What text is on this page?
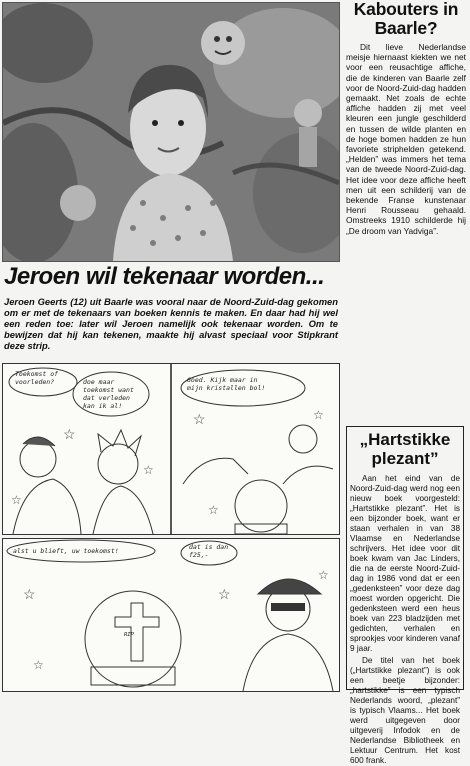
Jeroen wil tekenaar worden...

Jeroen Geerts (12) uit Baarle was vooral naar de Noord-Zuid-dag gekomen om er met de tekenaars van boeken kennis te maken. En daar had hij wel een reden toe: later wil Jeroen namelijk ook tekenaar worden. Om te bewijzen dat hij kan tekenen, maakte hij alvast speciaal voor Stipkrant deze strip.

☆
☆
☆
☆	☆
☆
Toekomst of
voorleden?	doe maar
toekomst want
dat verleden
kan ik al!
Goed. Kijk maar in
mijn kristallen bol!
☆	☆
☆
☆
alst u blieft, uw toekomst!	dat is dan
f25,-
RIP
Kabouters in Baarle?

Dit lieve Nederlandse meisje hiernaast kiekten we net voor een reusachtige affiche, die de kinderen van Baarle zelf voor de Noord-Zuid-dag hadden gemaakt. Net zoals de echte affiche hadden zij met veel kleuren een jungle geschilderd en tussen de wilde planten en de hoge bomen hadden ze hun favoriete striphelden getekend. „Helden” was immers het tema van de tweede Noord-Zuid-dag. Het idee voor deze affiche heeft men uit een schilderij van de bekende Franse kunstenaar Henri Rousseau gehaald. Omstreeks 1910 schilderde hij „De droom van Yadviga”.

„Hartstikke plezant”

Aan het eind van de Noord-Zuid-dag werd nog een nieuw boek voorgesteld: „Hartstikke plezant”. Het is een bijzonder boek, want er staan verhalen in van 38 Vlaamse en Nederlandse schrijvers. Het idee voor dit boek kwam van Jac Linders, die na de eerste Noord-Zuid-dag in 1986 vond dat er een „gedenksteen” voor deze dag moest worden opgericht. Die gedenksteen werd een heus boek van 223 bladzijden met gedichten, verhalen en sprookjes voor kinderen vanaf 9 jaar.

De titel van het boek („Hartstikke plezant”) is ook een beetje bijzonder: „hartstikke” is een typisch Nederlands woord, „plezant” is typisch Vlaams... Het boek werd uitgegeven door uitgeverij Infodok en de Nederlandse Bibliotheek en Lektuur Centrum. Het kost 600 frank.
